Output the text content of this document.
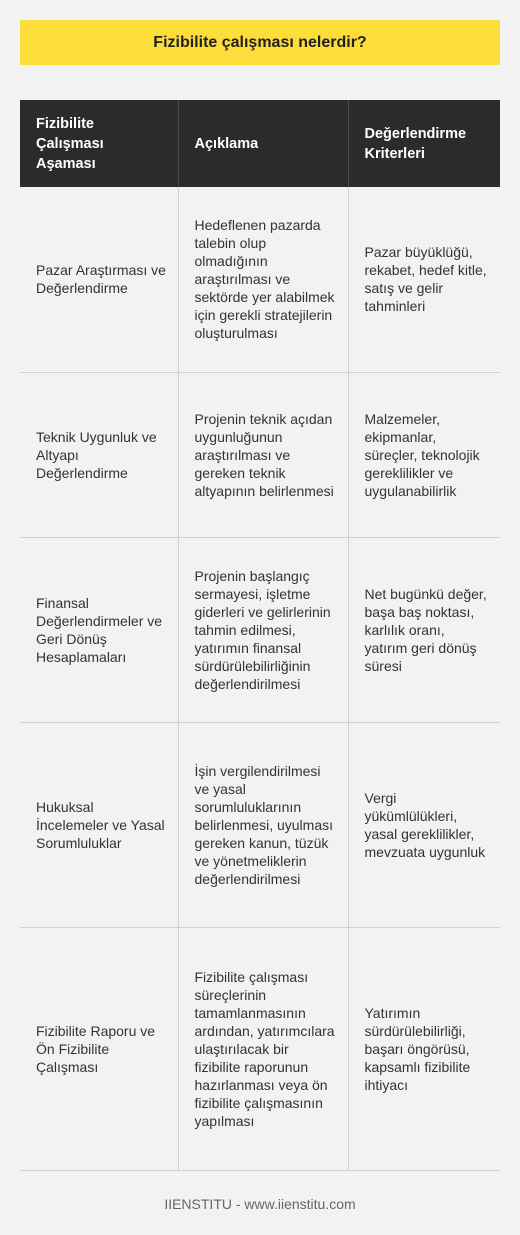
Fizibilite çalışması nelerdir?
Fizibilite Çalışması Aşaması	Açıklama	Değerlendirme Kriterleri
Pazar Araştırması ve Değerlendirme	Hedeflenen pazarda talebin olup olmadığının araştırılması ve sektörde yer alabilmek için gerekli stratejilerin oluşturulması	Pazar büyüklüğü, rekabet, hedef kitle, satış ve gelir tahminleri
Teknik Uygunluk ve Altyapı Değerlendirme	Projenin teknik açıdan uygunluğunun araştırılması ve gereken teknik altyapının belirlenmesi	Malzemeler, ekipmanlar, süreçler, teknolojik gereklilikler ve uygulanabilirlik
Finansal Değerlendirmeler ve Geri Dönüş Hesaplamaları	Projenin başlangıç sermayesi, işletme giderleri ve gelirlerinin tahmin edilmesi, yatırımın finansal sürdürülebilirliğinin değerlendirilmesi	Net bugünkü değer, başa baş noktası, karlılık oranı, yatırım geri dönüş süresi
Hukuksal İncelemeler ve Yasal Sorumluluklar	İşin vergilendirilmesi ve yasal sorumluluklarının belirlenmesi, uyulması gereken kanun, tüzük ve yönetmeliklerin değerlendirilmesi	Vergi yükümlülükleri, yasal gereklilikler, mevzuata uygunluk
Fizibilite Raporu ve Ön Fizibilite Çalışması	Fizibilite çalışması süreçlerinin tamamlanmasının ardından, yatırımcılara ulaştırılacak bir fizibilite raporunun hazırlanması veya ön fizibilite çalışmasının yapılması	Yatırımın sürdürülebilirliği, başarı öngörüsü, kapsamlı fizibilite ihtiyacı
IIENSTITU - www.iienstitu.com
